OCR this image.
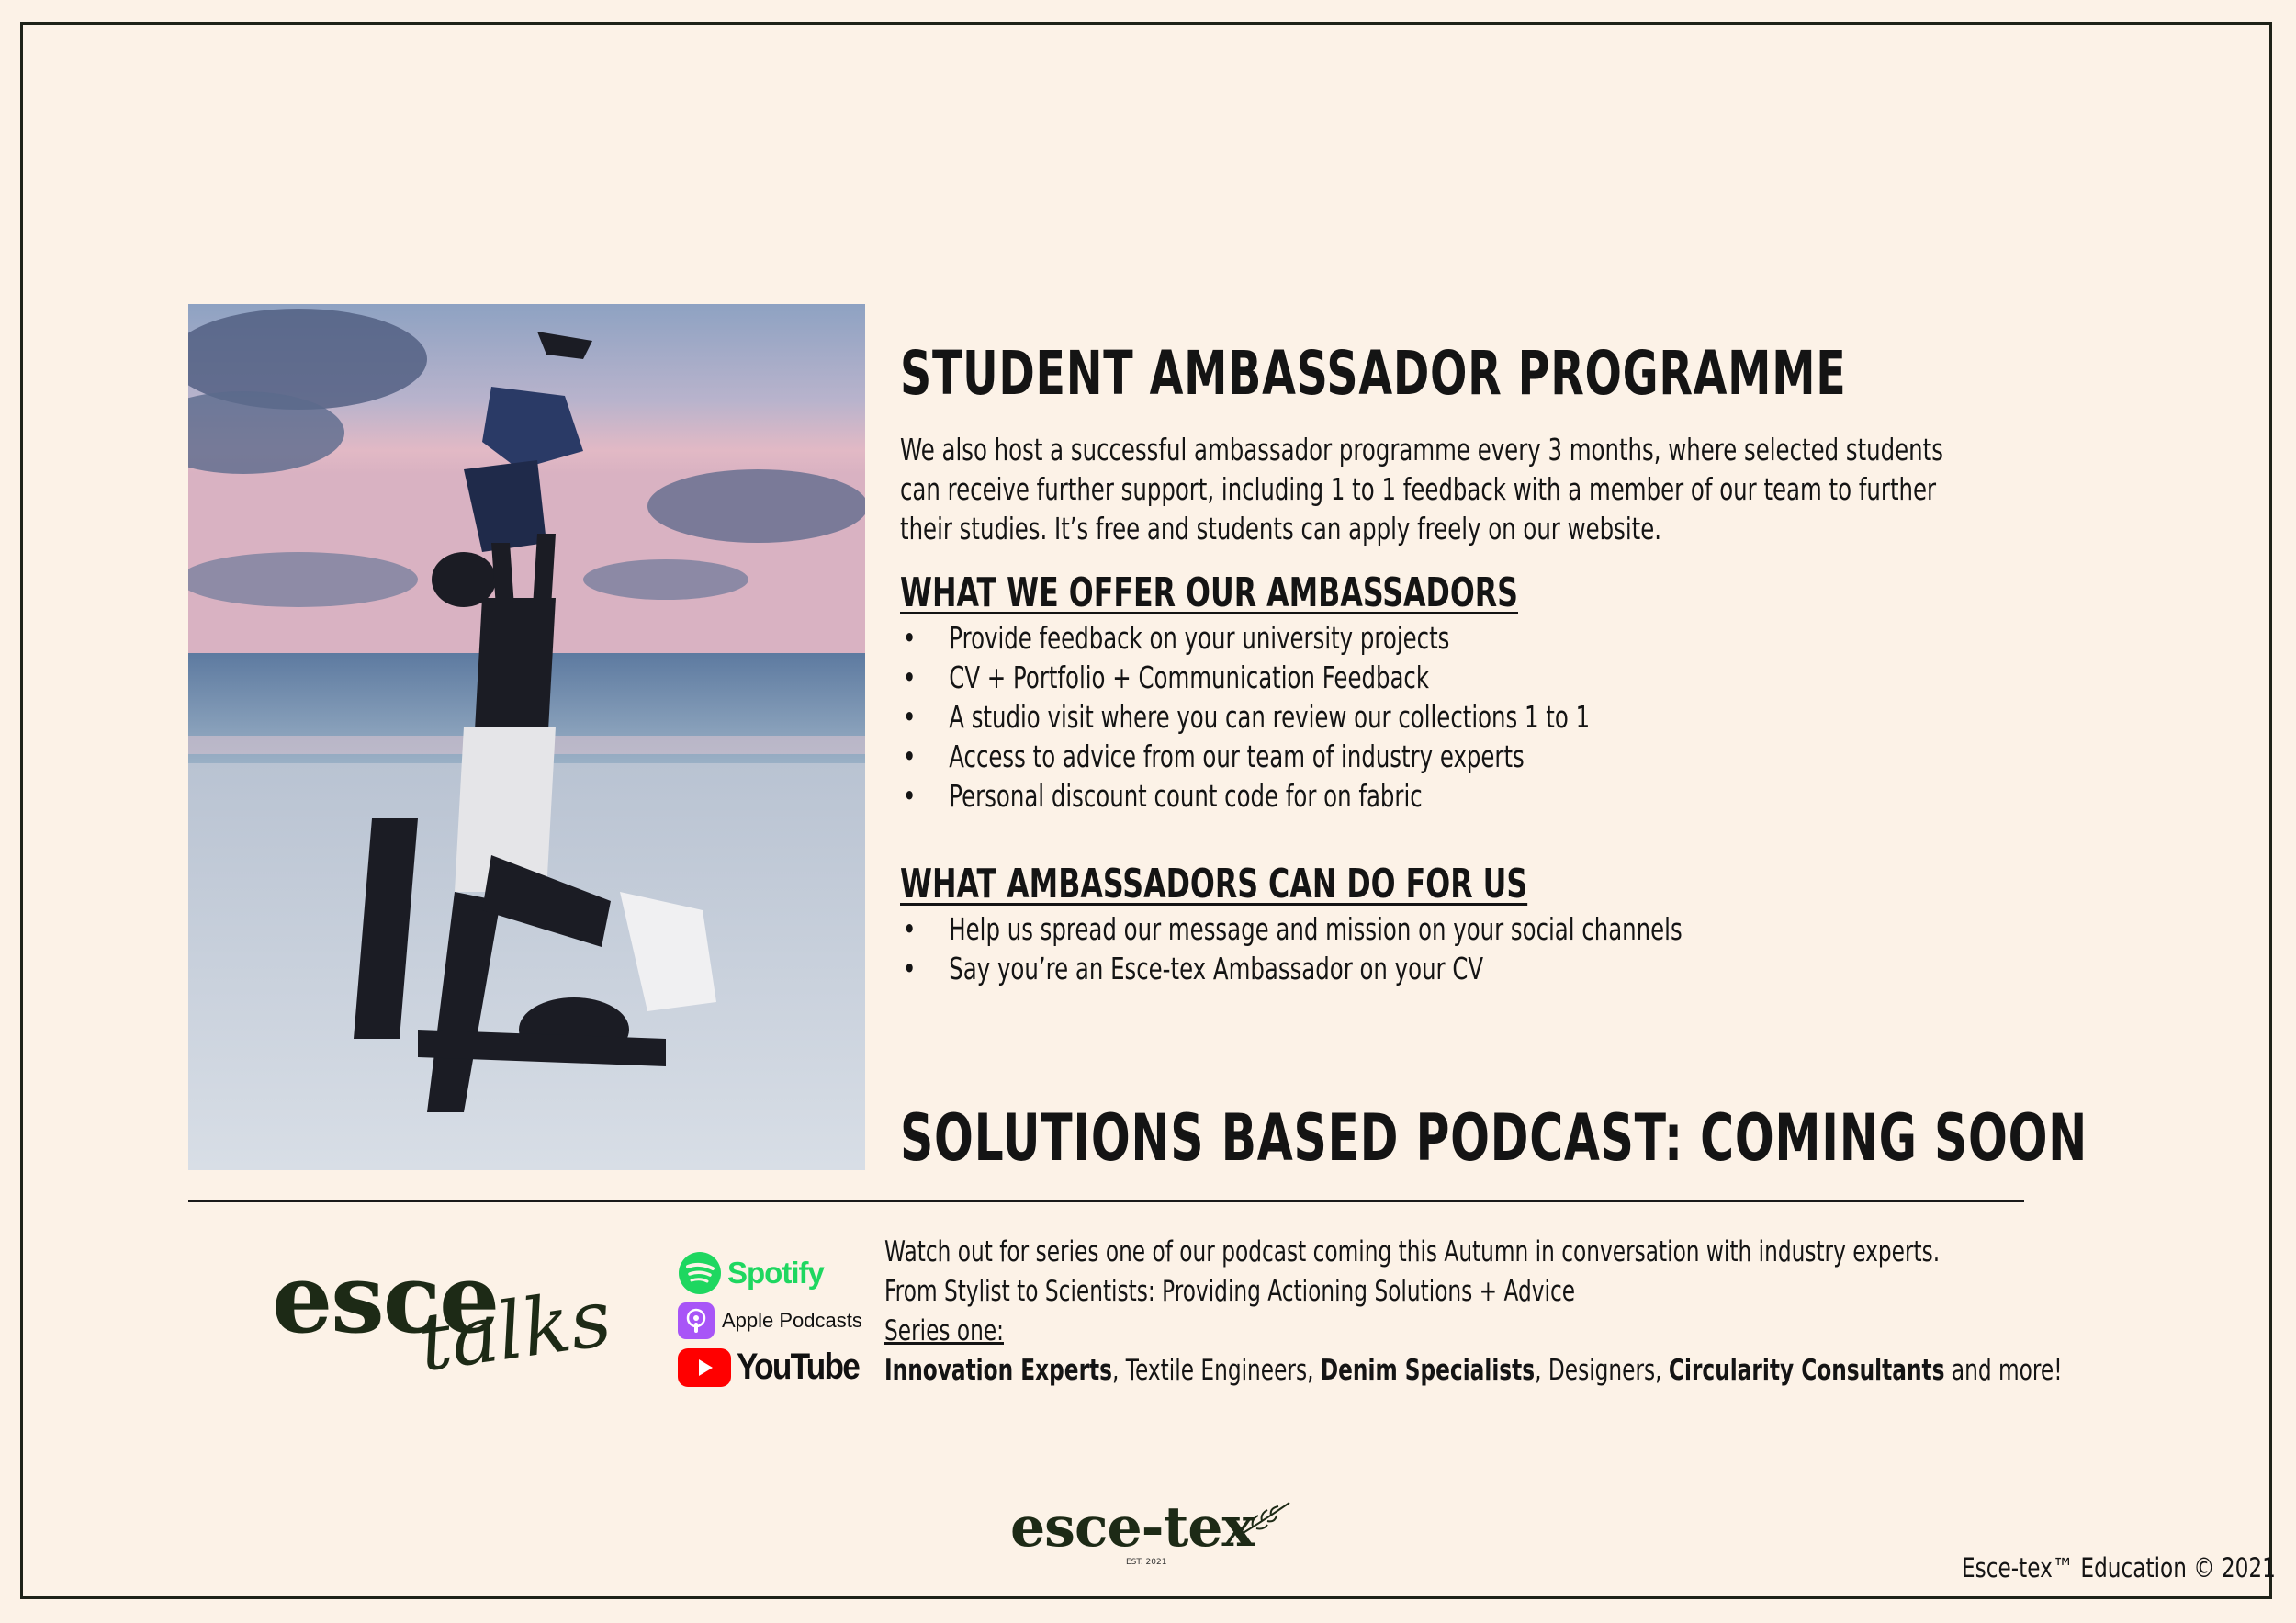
STUDENT AMBASSADOR PROGRAMME
We also host a successful ambassador programme every 3 months, where selected students
can receive further support, including 1 to 1 feedback with a member of our team to further
their studies. It’s free and students can apply freely on our website.
WHAT WE OFFER OUR AMBASSADORS
• Provide feedback on your university projects
• CV + Portfolio + Communication Feedback
• A studio visit where you can review our collections 1 to 1
• Access to advice from our team of industry experts
• Personal discount count code for on fabric
WHAT AMBASSADORS CAN DO FOR US
• Help us spread our message and mission on your social channels
• Say you’re an Esce-tex Ambassador on your CV
SOLUTIONS BASED PODCAST: COMING SOON
esce
talks	Spotify
Apple Podcasts
YouTube
Watch out for series one of our podcast coming this Autumn in conversation with industry experts.
From Stylist to Scientists: Providing Actioning Solutions + Advice
Series one:
Innovation Experts, Textile Engineers, Denim Specialists, Designers, Circularity Consultants and more!
esce-tex
EST. 2021	Esce-tex™ Education © 2021
